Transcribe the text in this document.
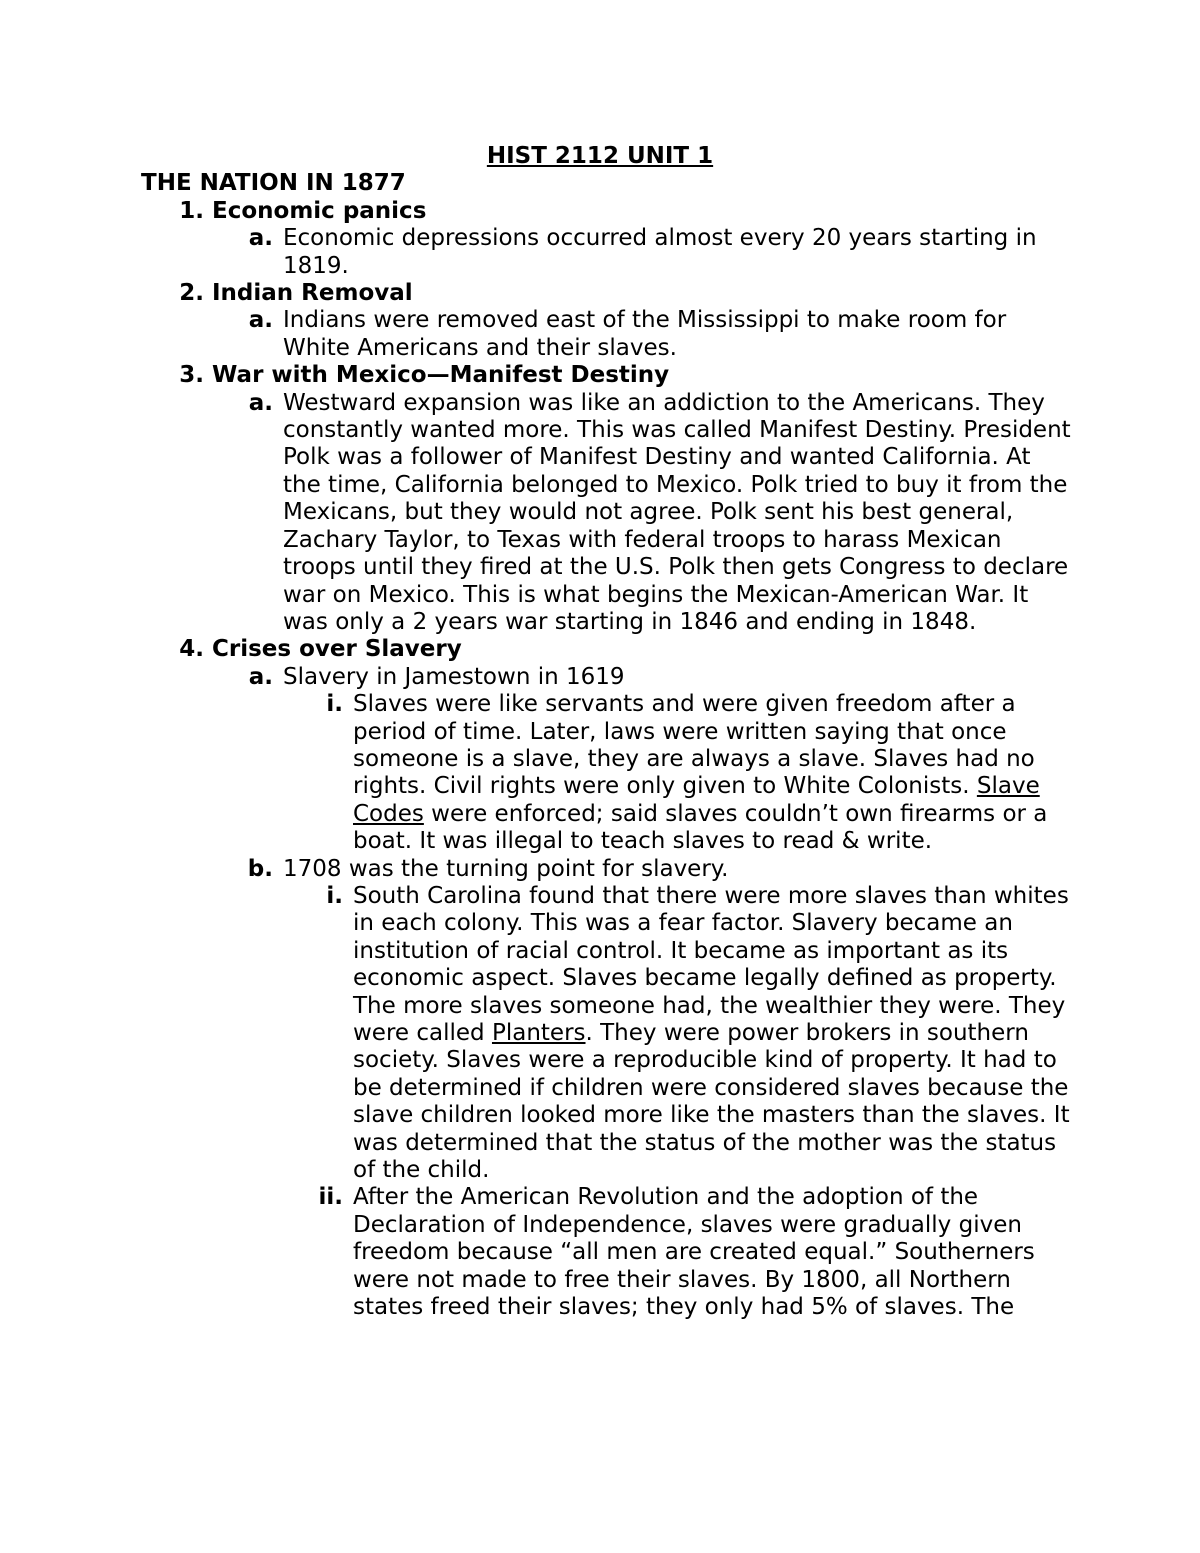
HIST 2112 UNIT 1

THE NATION IN 1877

1. Economic panics
a. Economic depressions occurred almost every 20 years starting in 1819.
2. Indian Removal
a. Indians were removed east of the Mississippi to make room for White Americans and their slaves.
3. War with Mexico—Manifest Destiny
a. Westward expansion was like an addiction to the Americans. They constantly wanted more. This was called Manifest Destiny. President Polk was a follower of Manifest Destiny and wanted California. At the time, California belonged to Mexico. Polk tried to buy it from the Mexicans, but they would not agree. Polk sent his best general, Zachary Taylor, to Texas with federal troops to harass Mexican troops until they fired at the U.S. Polk then gets Congress to declare war on Mexico. This is what begins the Mexican-American War. It was only a 2 years war starting in 1846 and ending in 1848.
4. Crises over Slavery
a. Slavery in Jamestown in 1619
i. Slaves were like servants and were given freedom after a period of time. Later, laws were written saying that once someone is a slave, they are always a slave. Slaves had no rights. Civil rights were only given to White Colonists. Slave Codes were enforced; said slaves couldn’t own firearms or a boat. It was illegal to teach slaves to read & write.
b. 1708 was the turning point for slavery.
i. South Carolina found that there were more slaves than whites in each colony. This was a fear factor. Slavery became an institution of racial control. It became as important as its economic aspect. Slaves became legally defined as property. The more slaves someone had, the wealthier they were. They were called Planters. They were power brokers in southern society. Slaves were a reproducible kind of property. It had to be determined if children were considered slaves because the slave children looked more like the masters than the slaves. It was determined that the status of the mother was the status of the child.
ii. After the American Revolution and the adoption of the Declaration of Independence, slaves were gradually given freedom because “all men are created equal.” Southerners were not made to free their slaves. By 1800, all Northern states freed their slaves; they only had 5% of slaves. The
